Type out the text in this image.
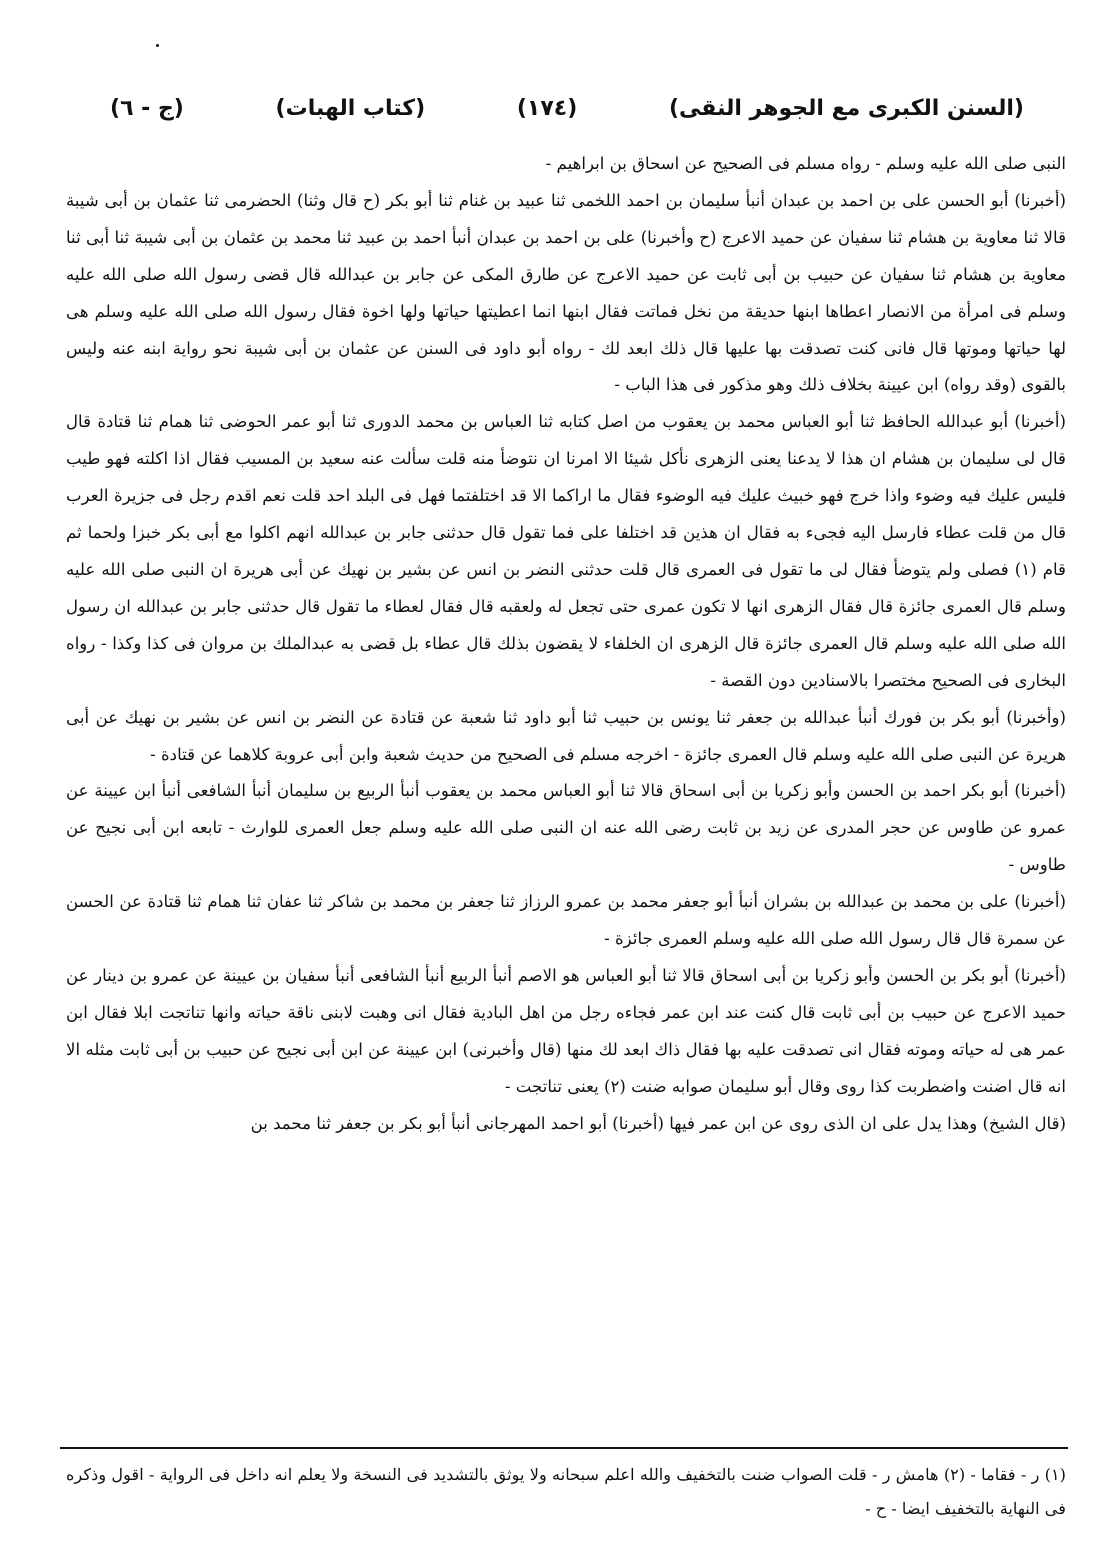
(السنن الكبرى مع الجوهر النقى)
(١٧٤)
(كتاب الهبات)
(ج - ٦)

النبى صلى الله عليه وسلم - رواه مسلم فى الصحيح عن اسحاق بن ابراهيم -

(أخبرنا) أبو الحسن على بن احمد بن عبدان أنبأ سليمان بن احمد اللخمى ثنا عبيد بن غنام ثنا أبو بكر (ح قال وثنا) الحضرمى ثنا عثمان بن أبى شيبة قالا ثنا معاوية بن هشام ثنا سفيان عن حميد الاعرج (ح وأخبرنا) على بن احمد بن عبدان أنبأ احمد بن عبيد ثنا محمد بن عثمان بن أبى شيبة ثنا أبى ثنا معاوية بن هشام ثنا سفيان عن حبيب بن أبى ثابت عن حميد الاعرج عن طارق المكى عن جابر بن عبدالله قال قضى رسول الله صلى الله عليه وسلم فى امرأة من الانصار اعطاها ابنها حديقة من نخل فماتت فقال ابنها انما اعطيتها حياتها ولها اخوة فقال رسول الله صلى الله عليه وسلم هى لها حياتها وموتها قال فانى كنت تصدقت بها عليها قال ذلك ابعد لك - رواه أبو داود فى السنن عن عثمان بن أبى شيبة نحو رواية ابنه عنه وليس بالقوى (وقد رواه) ابن عيينة بخلاف ذلك وهو مذكور فى هذا الباب -

(أخبرنا) أبو عبدالله الحافظ ثنا أبو العباس محمد بن يعقوب من اصل كتابه ثنا العباس بن محمد الدورى ثنا أبو عمر الحوضى ثنا همام ثنا قتادة قال قال لى سليمان بن هشام ان هذا لا يدعنا يعنى الزهرى نأكل شيئا الا امرنا ان نتوضأ منه قلت سألت عنه سعيد بن المسيب فقال اذا اكلته فهو طيب فليس عليك فيه وضوء واذا خرج فهو خبيث عليك فيه الوضوء فقال ما اراكما الا قد اختلفتما فهل فى البلد احد قلت نعم اقدم رجل فى جزيرة العرب قال من قلت عطاء فارسل اليه فجىء به فقال ان هذين قد اختلفا على فما تقول قال حدثنى جابر بن عبدالله انهم اكلوا مع أبى بكر خبزا ولحما ثم قام (١) فصلى ولم يتوضأ فقال لى ما تقول فى العمرى قال قلت حدثنى النضر بن انس عن بشير بن نهيك عن أبى هريرة ان النبى صلى الله عليه وسلم قال العمرى جائزة قال فقال الزهرى انها لا تكون عمرى حتى تجعل له ولعقبه قال فقال لعطاء ما تقول قال حدثنى جابر بن عبدالله ان رسول الله صلى الله عليه وسلم قال العمرى جائزة قال الزهرى ان الخلفاء لا يقضون بذلك قال عطاء بل قضى به عبدالملك بن مروان فى كذا وكذا - رواه البخارى فى الصحيح مختصرا بالاسنادين دون القصة -

(وأخبرنا) أبو بكر بن فورك أنبأ عبدالله بن جعفر ثنا يونس بن حبيب ثنا أبو داود ثنا شعبة عن قتادة عن النضر بن انس عن بشير بن نهيك عن أبى هريرة عن النبى صلى الله عليه وسلم قال العمرى جائزة - اخرجه مسلم فى الصحيح من حديث شعبة وابن أبى عروبة كلاهما عن قتادة -

(أخبرنا) أبو بكر احمد بن الحسن وأبو زكريا بن أبى اسحاق قالا ثنا أبو العباس محمد بن يعقوب أنبأ الربيع بن سليمان أنبأ الشافعى أنبأ ابن عيينة عن عمرو عن طاوس عن حجر المدرى عن زيد بن ثابت رضى الله عنه ان النبى صلى الله عليه وسلم جعل العمرى للوارث - تابعه ابن أبى نجيح عن طاوس -

(أخبرنا) على بن محمد بن عبدالله بن بشران أنبأ أبو جعفر محمد بن عمرو الرزاز ثنا جعفر بن محمد بن شاكر ثنا عفان ثنا همام ثنا قتادة عن الحسن عن سمرة قال قال رسول الله صلى الله عليه وسلم العمرى جائزة -

(أخبرنا) أبو بكر بن الحسن وأبو زكريا بن أبى اسحاق قالا ثنا أبو العباس هو الاصم أنبأ الربيع أنبأ الشافعى أنبأ سفيان بن عيينة عن عمرو بن دينار عن حميد الاعرج عن حبيب بن أبى ثابت قال كنت عند ابن عمر فجاءه رجل من اهل البادية فقال انى وهبت لابنى ناقة حياته وانها تناتجت ابلا فقال ابن عمر هى له حياته وموته فقال انى تصدقت عليه بها فقال ذاك ابعد لك منها (قال وأخبرنى) ابن عيينة عن ابن أبى نجيح عن حبيب بن أبى ثابت مثله الا انه قال اضنت واضطربت كذا روى وقال أبو سليمان صوابه ضنت (٢) يعنى تناتجت -

(قال الشيخ) وهذا يدل على ان الذى روى عن ابن عمر فيها (أخبرنا) أبو احمد المهرجانى أنبأ أبو بكر بن جعفر ثنا محمد بن

(١) ر - فقاما - (٢) هامش ر - قلت الصواب ضنت بالتخفيف والله اعلم سبحانه ولا يوثق بالتشديد فى النسخة ولا يعلم انه داخل فى الرواية - اقول وذكره فى النهاية بالتخفيف ايضا - ح -
